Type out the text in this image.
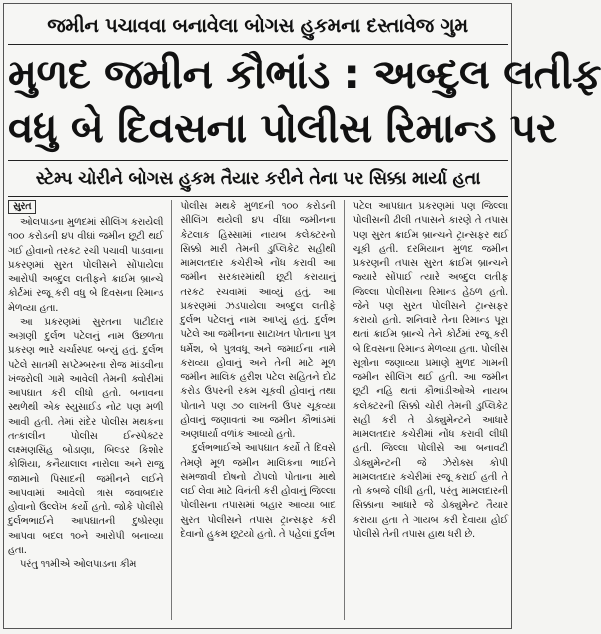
જમીન પચાવવા બનાવેલા બોગસ હુકમના દસ્તાવેજ ગુમ
મુળદ જમીન કૌભાંડ : અબ્દુલ લતીફ
વધુ બે દિવસના પોલીસ રિમાન્ડ પર
સ્ટેમ્પ ચોરીને બોગસ હુકમ તૈયાર કરીને તેના પર સિક્કા માર્યા હતા
સુરત

ઓલપાડના મુળદમાં સીલિંગ કરાયેલી ૧૦૦ કરોડની ૪૫ વીઘાં જમીન છૂટી થઈ ગઈ હોવાનો તરકટ રચી પચાવી પાડવાના પ્રકરણમાં સુરત પોલીસને સોંપાયેલા આરોપી અબ્દુલ લતીફને ક્રાઈમ બ્રાન્ચે કોર્ટમાં રજૂ કરી વધુ બે દિવસના રિમાન્ડ મેળવ્યા હતા.

આ પ્રકરણમાં સુરતના પાટીદાર અગ્રણી દુર્લભ પટેલનું નામ ઉછળતા પ્રકરણ ભારે ચર્ચાસ્પદ બન્યું હતું. દુર્લભ પટેલે સાતમી સપ્ટેમ્બરના રોજ માંડવીના ખંજરોલી ગામે આવેલી તેમની ક્વોરીમાં આપઘાત કરી લીધો હતો. બનાવના સ્થળેથી એક સ્યુસાઈડ નોટ પણ મળી આવી હતી. તેમાં રાંદેર પોલીસ મથકના તત્કાલીન પોલીસ ઈન્સ્પેક્ટર લક્ષ્મણસિંહ બોડાણા, બિલ્ડર કિશોર કોશિયા, કનૈયાલાલ નારોલા અને રાજુ જામાનો પિસાદની જમીનને લઈને આપવામાં આવેલો ત્રાસ જવાબદાર હોવાનો ઉલ્લેખ કર્યો હતો. જોકે પોલીસે દુર્લભભાઈને આપઘાતની દુષ્પ્રેરણા આપવા બદલ ૧૦ને આરોપી બનાવ્યા હતા.

પરંતુ ૧૧મીએ ઓલપાડના કીમ

પોલીસ મથકે મુળદની ૧૦૦ કરોડની સીલિંગ થયેલી ૪૫ વીંઘા જમીનના કેટલાક હિસ્સામાં નાયબ કલેક્ટરનો સિક્કો મારી તેમની ડુપ્લિકેટ સહીથી મામલતદાર કચેરીએ નોંધ કરાવી આ જમીન સરકારમાંથી છૂટી કરાયાનું તરકટ રચવામાં આવ્યું હતું. આ પ્રકરણમાં ઝડપાયેલા અબ્દુલ લતીફે દુર્લભ પટેલનું નામ આપ્યું હતું. દુર્લભ પટેલે આ જમીનના સાટાખત પોતાના પુત્ર ધર્મેશ, બે પુત્રવધૂ અને જમાઈના નામે કરાવ્યા હોવાનું અને તેની માટે મૂળ જમીન માલિક હરીશ પટેલ સહિતને દોઢ કરોડ ઉપરની રકમ ચૂકવી હોવાનું તથા પોતાને પણ ૭૦ લાખની ઉપર ચૂકવ્યા હોવાનું જણાવતાં આ જમીન કૌભાંડમાં અણધાર્યા વળાંક આવ્યો હતો.

દુર્લભભાઈએ આપઘાત કર્યો તે દિવસે તેમણે મૂળ જમીન માલિકના ભાઈને સમજાવી દોષનો ટોપલો પોતાના માથે લઈ લેવા માટે વિનંતી કરી હોવાનું જિલ્લા પોલીસના તપાસમાં બહાર આવ્યા બાદ સુરત પોલીસને તપાસ ટ્રાન્સફર કરી દેવાનો હુકમ છૂટયો હતો. તે પહેલાં દુર્લભ

પટેલ આપઘાત પ્રકરણમાં પણ જિલ્લા પોલીસની ઢીલી તપાસને કારણે તે તપાસ પણ સુરત ક્રાઈમ બ્રાન્ચને ટ્રાન્સફર થઈ ચૂકી હતી. દરમિયાન મુળદ જમીન પ્રકરણની તપાસ સુરત ક્રાઈમ બ્રાન્ચને જ્યારે સોંપાઈ ત્યારે અબ્દુલ લતીફ જિલ્લા પોલીસના રિમાન્ડ હેઠળ હતો. જેને પણ સુરત પોલીસને ટ્રાન્સફર કરાયો હતો. શનિવારે તેના રિમાન્ડ પૂરા થતાં ક્રાઈમ બ્રાન્ચે તેને કોર્ટમાં રજૂ કરી બે દિવસના રિમાન્ડ મેળવ્યા હતા. પોલીસ સૂત્રોના જણાવ્યા પ્રમાણે મુળદ ગામની જમીન સીલિંગ થઈ હતી. આ જમીન છૂટી નહિ થતાં કૌભાંડીઓએ નાયબ કલેક્ટરની સિક્કો ચોરી તેમની ડુપ્લિકેટ સહી કરી તે ડોક્યુમેન્ટને આધારે મામલતદાર કચેરીમાં નોંધ કરાવી લીધી હતી. જિલ્લા પોલીસે આ બનાવટી ડોક્યુમેન્ટની જે ઝેરોક્સ કોપી મામલતદાર કચેરીમાં રજૂ કરાઈ હતી તે તો કબજે લીધી હતી, પરંતુ મામલદારની સિક્કાના આધારે જે ડોક્યુમેન્ટ તૈયાર કરાયા હતા તે ગાયબ કરી દેવાયા હોઈ પોલીસે તેની તપાસ હાથ ધરી છે.
